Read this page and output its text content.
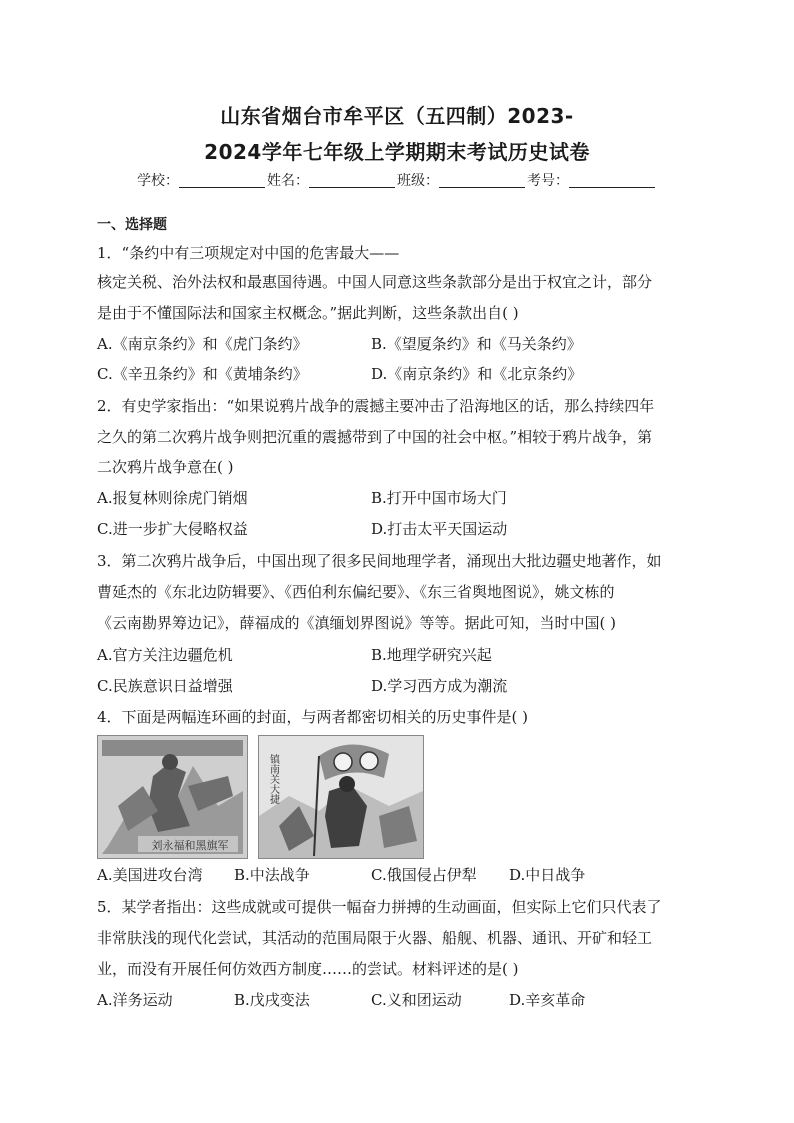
山东省烟台市牟平区（五四制）2023-
2024学年七年级上学期期末考试历史试卷
学校：	姓名：	班级：	考号：
一、选择题
1．“条约中有三项规定对中国的危害最大——
核定关税、治外法权和最惠国待遇。中国人同意这些条款部分是出于权宜之计，部分
是由于不懂国际法和国家主权概念。”据此判断，这些条款出自( )
A.《南京条约》和《虎门条约》	B.《望厦条约》和《马关条约》
C.《辛丑条约》和《黄埔条约》	D.《南京条约》和《北京条约》
2．有史学家指出：“如果说鸦片战争的震撼主要冲击了沿海地区的话，那么持续四年
之久的第二次鸦片战争则把沉重的震撼带到了中国的社会中枢。”相较于鸦片战争，第
二次鸦片战争意在( )
A.报复林则徐虎门销烟	B.打开中国市场大门
C.进一步扩大侵略权益	D.打击太平天国运动
3．第二次鸦片战争后，中国出现了很多民间地理学者，涌现出大批边疆史地著作，如
曹延杰的《东北边防辑要》、《西伯利东偏纪要》、《东三省舆地图说》，姚文栋的
《云南勘界筹边记》，薛福成的《滇缅划界图说》等等。据此可知，当时中国( )
A.官方关注边疆危机	B.地理学研究兴起
C.民族意识日益增强	D.学习西方成为潮流
4．下面是两幅连环画的封面，与两者都密切相关的历史事件是( )
刘永福和黑旗军
镇南关大捷
A.美国进攻台湾 B.中法战争	C.俄国侵占伊犁 D.中日战争
5．某学者指出：这些成就或可提供一幅奋力拼搏的生动画面，但实际上它们只代表了
非常肤浅的现代化尝试，其活动的范围局限于火器、船舰、机器、通讯、开矿和轻工
业，而没有开展任何仿效西方制度……的尝试。材料评述的是( )
A.洋务运动	B.戊戌变法	C.义和团运动	D.辛亥革命
